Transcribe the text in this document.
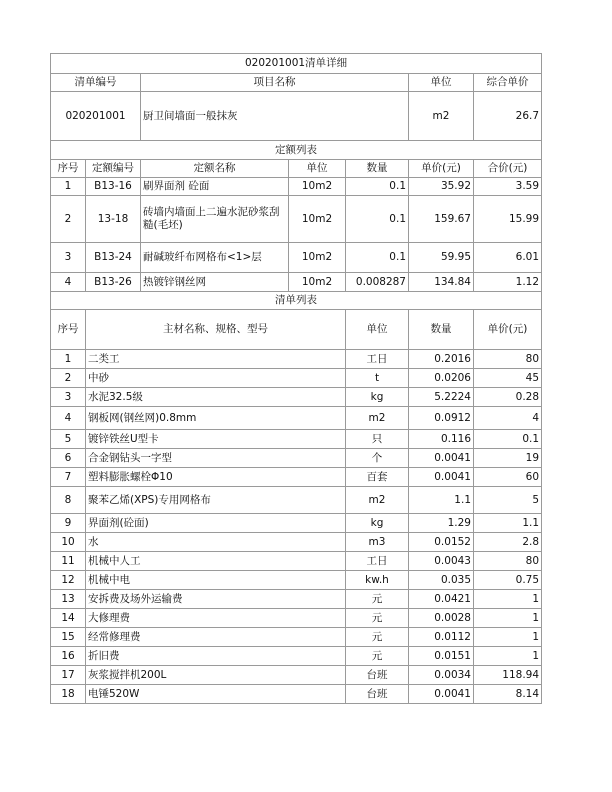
020201001清单详细							
清单编号		项目名称			单位	综合单价	
020201001		厨卫间墙面一般抹灰			m2	26.7	
定额列表							
序号	定额编号	定额名称	单位	数量	单价(元)	合价(元)	
1	B13-16	刷界面剂 砼面	10m2	0.1	35.92	3.59	
2	13-18	砖墙内墙面上二遍水泥砂浆刮糙(毛坯)	10m2	0.1	159.67	15.99	
3	B13-24	耐碱玻纤布网格布<1>层	10m2	0.1	59.95	6.01	
4	B13-26	热镀锌钢丝网	10m2	0.008287	134.84	1.12	
清单列表							
序号	主材名称、规格、型号			单位	数量	单价(元)	
1	二类工			工日	0.2016	80	
2	中砂			t	0.0206	45	
3	水泥32.5级			kg	5.2224	0.28	
4	钢板网(钢丝网)0.8mm			m2	0.0912	4	
5	镀锌铁丝U型卡			只	0.116	0.1	
6	合金钢钻头一字型			个	0.0041	19	
7	塑料膨胀螺栓Φ10			百套	0.0041	60	
8	聚苯乙烯(XPS)专用网格布			m2	1.1	5	
9	界面剂(砼面)			kg	1.29	1.1	
10	水			m3	0.0152	2.8	
11	机械中人工			工日	0.0043	80	
12	机械中电			kw.h	0.035	0.75	
13	安拆费及场外运输费			元	0.0421	1	
14	大修理费			元	0.0028	1	
15	经常修理费			元	0.0112	1	
16	折旧费			元	0.0151	1	
17	灰浆搅拌机200L			台班	0.0034	118.94	
18	电锤520W			台班	0.0041	8.14	
